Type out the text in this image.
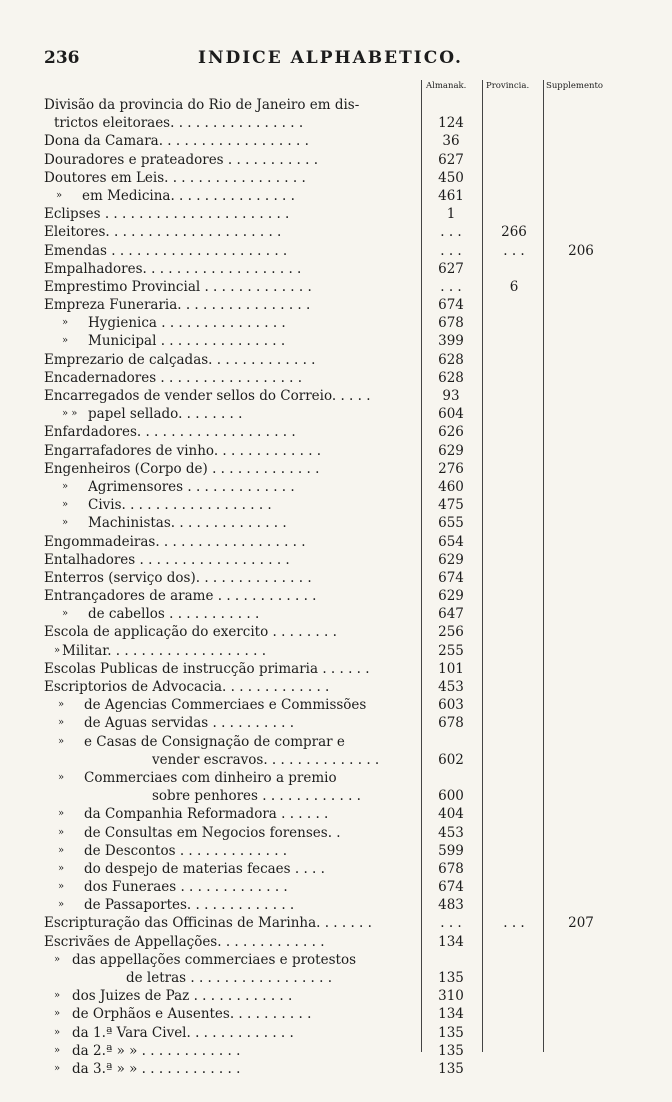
236	INDICE ALPHABETICO.
Almanak. Provincia. Supplemento
Divisão da provincia do Rio de Janeiro em dis-
trictos eleitoraes. . . . . . . . . . . . . . . .	124
Dona da Camara. . . . . . . . . . . . . . . . . .	36
Douradores e prateadores . . . . . . . . . . .	627
Doutores em Leis. . . . . . . . . . . . . . . . .	450
» em Medicina. . . . . . . . . . . . . . .	461
Eclipses . . . . . . . . . . . . . . . . . . . . . .	1
Eleitores. . . . . . . . . . . . . . . . . . . . .	. . .	266
Emendas . . . . . . . . . . . . . . . . . . . . .	. . .	. . .	206
Empalhadores. . . . . . . . . . . . . . . . . . .	627
Emprestimo Provincial . . . . . . . . . . . . .	. . .	6
Empreza Funeraria. . . . . . . . . . . . . . . .	674
» Hygienica . . . . . . . . . . . . . . .	678
» Municipal . . . . . . . . . . . . . . .	399
Emprezario de calçadas. . . . . . . . . . . . .	628
Encadernadores . . . . . . . . . . . . . . . . .	628
Encarregados de vender sellos do Correio. . . . .	93
» » papel sellado. . . . . . . .	604
Enfardadores. . . . . . . . . . . . . . . . . . .	626
Engarrafadores de vinho. . . . . . . . . . . . .	629
Engenheiros (Corpo de) . . . . . . . . . . . . .	276
» Agrimensores . . . . . . . . . . . . .	460
» Civis. . . . . . . . . . . . . . . . . .	475
» Machinistas. . . . . . . . . . . . . .	655
Engommadeiras. . . . . . . . . . . . . . . . . .	654
Entalhadores . . . . . . . . . . . . . . . . . .	629
Enterros (serviço dos). . . . . . . . . . . . . .	674
Entrançadores de arame . . . . . . . . . . . .	629
» de cabellos . . . . . . . . . . .	647
Escola de applicação do exercito . . . . . . . .	256
» Militar. . . . . . . . . . . . . . . . . . .	255
Escolas Publicas de instrucção primaria . . . . . .	101
Escriptorios de Advocacia. . . . . . . . . . . . .	453
» de Agencias Commerciaes e Commissões	603
» de Aguas servidas . . . . . . . . . .	678
» e Casas de Consignação de comprar e
vender escravos. . . . . . . . . . . . . .	602
» Commerciaes com dinheiro a premio
sobre penhores . . . . . . . . . . . .	600
» da Companhia Reformadora . . . . . .	404
» de Consultas em Negocios forenses. .	453
» de Descontos . . . . . . . . . . . . .	599
» do despejo de materias fecaes . . . .	678
» dos Funeraes . . . . . . . . . . . . .	674
» de Passaportes. . . . . . . . . . . . .	483
Escripturação das Officinas de Marinha. . . . . . .	. . .	. . .	207
Escrivães de Appellações. . . . . . . . . . . . .	134
» das appellações commerciaes e protestos
de letras . . . . . . . . . . . . . . . . .	135
» dos Juizes de Paz . . . . . . . . . . . .	310
» de Orphãos e Ausentes. . . . . . . . . .	134
» da 1.ª Vara Civel. . . . . . . . . . . . .	135
» da 2.ª » » . . . . . . . . . . . .	135
» da 3.ª » » . . . . . . . . . . . .	135
